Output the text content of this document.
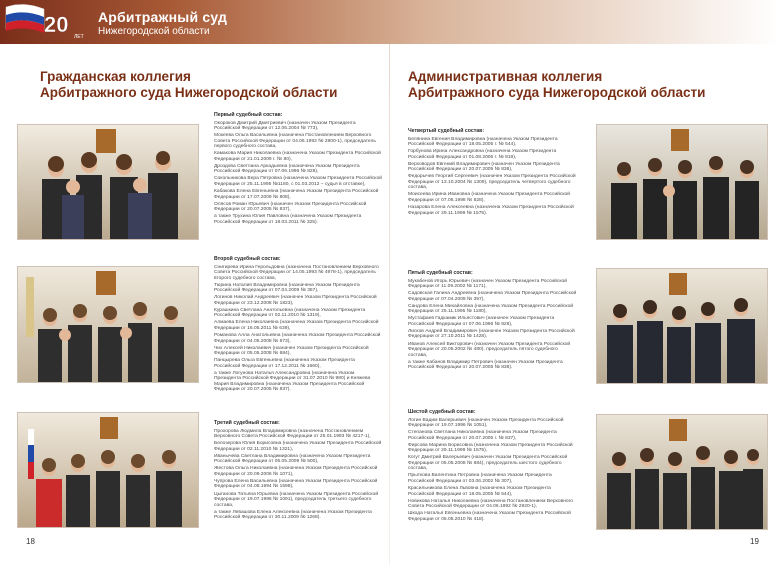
20 ЛЕТ
Арбитражный суд
Нижегородской области
Гражданская коллегия
Арбитражного суда Нижегородской области
Первый судебный состав:
Окороков Дмитрий Дмитриевич (назначен Указом Президента Российской Федерации от 12.06.2004 № 773),
Мокеева Ольга Васильевна (назначена Постановлением Верховного Совета Российской Федерации от 04.06.1992 № 2900-1), председатель первого судебного состава,
Камакова Мария Николаевна (назначена Указом Президента Российской Федерации от 21.01.2009 г. № 80),
Дроздова Светлана Аркадьевна (назначена Указом Президента Российской Федерации от 07.06.1996 № 828),
Сокольникова Вера Петровна (назначена Указом Президента Российской Федерации от 25.11.1995 №1180, с 01.03.2012 – судья в отставке),
Кабакова Елена Евгеньевна (назначена Указом Президента Российской Федерации от 17.07.2009 № 808),
Олясов Роман Юрьевич (назначен Указом Президента Российской Федерации от 20.07.2005 № 837),
а также Трухина Юлия Павловна (назначена Указом Президента Российской Федерации от 18.03.2011 № 325).
Второй судебный состав:
Снигирева Ирина Герольдовна (назначена Постановлением Верховного Совета Российской Федерации от 14.05.1993 № 4978-1), председатель второго судебного состава,
Тюрина Наталия Владимировна (назначена Указом Президента Российской Федерации от 07.04.2009 № 357),
Логинов Николай Андреевич (назначен Указом Президента Российской Федерации от 23.12.2008 № 1823),
Курашкина Светлана Анатольевна (назначена Указом Президента Российской Федерации от 02.11.2010 № 1319),
Алмаева Елена Николаевна (назначена Указом Президента Российской Федерации от 16.05.2011 № 639),
Романова Алла Анатольевна (назначена Указом Президента Российской Федерации от 04.05.2008 № 673),
Чих Алексей Николаевич (назначен Указом Президента Российской Федерации от 05.05.2008 № 684),
Панцырева Ольга Евгеньевна (назначена Указом Президента Российской Федерации от 17.12.2011 № 1660),
а также Логунова Наталья Александровна (назначена Указом Президента Российской Федерации от 31.07.2010 № 980) и Княжева Мария Владимировна (назначена Указом Президента Российской Федерации от 20.07.2005 № 837).
Третий судебный состав:
Прохорова Людмила Владимировна (назначена Постановлением Верховного Совета Российской Федерации от 25.01.1993 № 4217-1),
Белозерова Юлия Борисовна (назначена Указом Президента Российской Федерации от 02.11.2010 № 1321),
Иванычева Светлана Владимировна (назначена Указом Президента Российской Федерации от 05.05.2009 № 500),
Жестова Ольга Николаевна (назначена Указом Президента Российской Федерации от 20.09.2006 № 1071),
Чупрова Елена Васильевна (назначена Указом Президента Российской Федерации от 04.08.1994 № 1598),
Цыганова Татьяна Юрьевна (назначена Указом Президента Российской Федерации от 19.07.1996 № 1091), председатель третьего судебного состава,
а также Левашова Елена Алексеевна (назначена Указом Президента Российской Федерации от 30.11.2009 № 1268).
18
Административная коллегия
Арбитражного суда Нижегородской области
Четвертый судебный состав:
Белянина Евгения Владимировна (назначена Указом Президента Российской Федерации от 18.05.2005 г. № 544),
Горбунова Ирина Александровна (назначена Указом Президента Российской Федерации от 01.08.2006 г. № 819),
Верховодов Евгений Владимирович (назначен Указом Президента Российской Федерации от 20.07.2005 № 838),
Федорычев Георгий Сергеевич (назначен Указом Президента Российской Федерации от 13.10.2004 № 1309), председатель четвертого судебного состава,
Моисеева Ирина Ивановна (назначена Указом Президента Российской Федерации от 07.06.1998 № 828),
Назарова Елена Алексеевна (назначена Указом Президента Российской Федерации от 29.11.1999 № 1575).
Пятый судебный состав:
Мукабенов Игорь Юрьевич (назначен Указом Президента Российской Федерации от 11.09.2002 № 1171),
Садовская Галина Андреевна (назначена Указом Президента Российской Федерации от 07.04.2009 № 357),
Сандова Елена Михайловна (назначена Указом Президента Российской Федерации от 25.11.1995 № 1180),
Мустафаев Гадкамик Ильястович (назначен Указом Президента Российской Федерации от 07.06.1996 № 828),
Лисков Андрей Владимирович (назначен Указом Президента Российской Федерации от 27.10.2011 № 1428),
Иванов Алексей Викторович (назначен Указом Президента Российской Федерации от 20.05.2002 № 480), председатель пятого судебного состава,
а также Кабанов Владимир Петрович (назначен Указом Президента Российской Федерации от 20.07.2005 № 838).
Шестой судебный состав:
Логин Вадим Валерьевич (назначен Указом Президента Российской Федерации от 19.07.1996 № 1051),
Степанова Светлана Николаевна (назначена Указом Президента Российской Федерации от 20.07.2005 г. № 837),
Фирсова Марина Борисовна (назначена Указом Президента Российской Федерации от 29.11.1999 № 1575),
Когут Дмитрий Валерьевич (назначен Указом Президента Российской Федерации от 05.05.2008 № 684), председатель шестого судебного состава,
Прыткова Валентина Петровна (назначена Указом Президента Российской Федерации от 03.06.2002 № 307),
Красильникова Елена Львовна (назначена Указом Президента Российской Федерации от 18.05.2005 № 544),
Новикова Наталья Николаевна (назначена Постановлением Верховного Совета Российской Федерации от 04.06.1992 № 2920-1),
Шкода Наталья Евгеньевна (назначена Указом Президента Российской Федерации от 05.05.2010 № 418).
19
